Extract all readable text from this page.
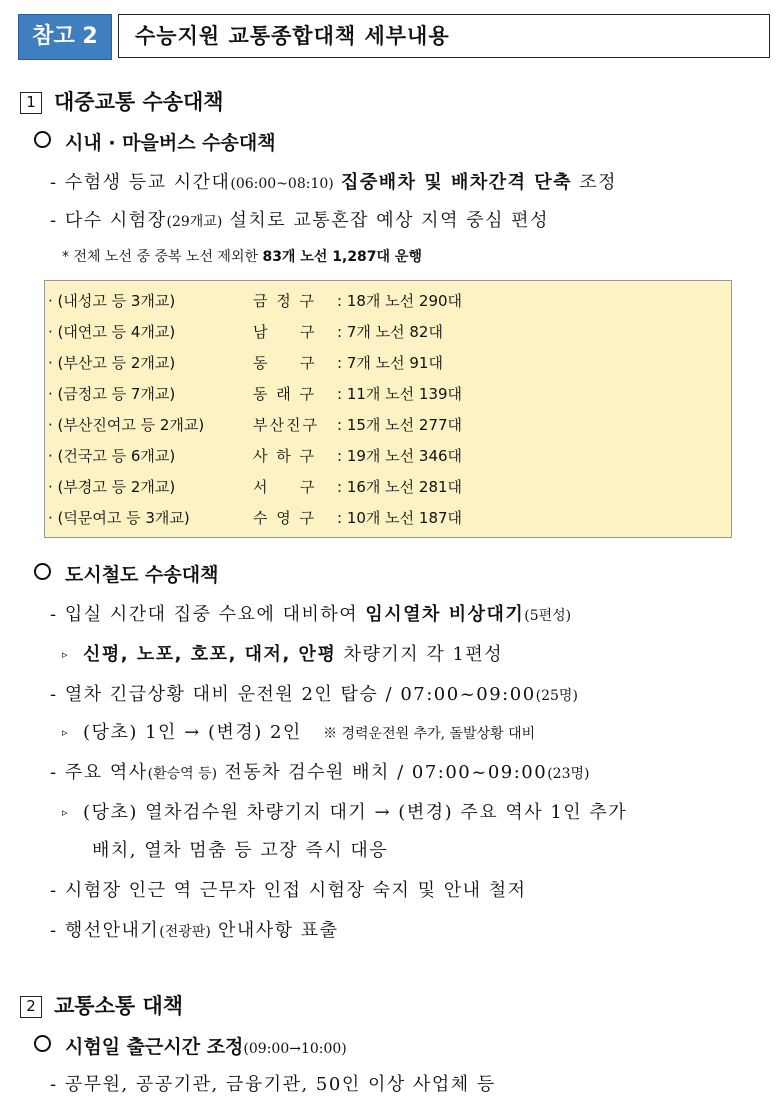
참고 2	수능지원 교통종합대책 세부내용
1 대중교통 수송대책
시내 · 마을버스 수송대책
- 수험생 등교 시간대(06:00~08:10) 집중배차 및 배차간격 단축 조정
- 다수 시험장(29개교) 설치로 교통혼잡 예상 지역 중심 편성
* 전체 노선 중 중복 노선 제외한 83개 노선 1,287대 운행
· (내성고 등 3개교)	금 정 구 : 18개 노선 290대
· (대연고 등 4개교)	남 　 구 : 7개 노선 82대
· (부산고 등 2개교)	동 　 구 : 7개 노선 91대
· (금정고 등 7개교)	동 래 구 : 11개 노선 139대
· (부산진여고 등 2개교)	부산진구 : 15개 노선 277대
· (건국고 등 6개교)	사 하 구 : 19개 노선 346대
· (부경고 등 2개교)	서 　 구 : 16개 노선 281대
· (덕문여고 등 3개교)	수 영 구 : 10개 노선 187대
도시철도 수송대책
- 입실 시간대 집중 수요에 대비하여 임시열차 비상대기(5편성)
▹ 신평, 노포, 호포, 대저, 안평 차량기지 각 1편성
- 열차 긴급상황 대비 운전원 2인 탑승 / 07:00~09:00(25명)
▹ (당초) 1인 → (변경) 2인 ※ 경력운전원 추가, 돌발상황 대비
- 주요 역사(환승역 등) 전동차 검수원 배치 / 07:00~09:00(23명)
▹ (당초) 열차검수원 차량기지 대기 → (변경) 주요 역사 1인 추가
배치, 열차 멈춤 등 고장 즉시 대응
- 시험장 인근 역 근무자 인접 시험장 숙지 및 안내 철저
- 행선안내기(전광판) 안내사항 표출
2 교통소통 대책
시험일 출근시간 조정(09:00→10:00)
- 공무원, 공공기관, 금융기관, 50인 이상 사업체 등
